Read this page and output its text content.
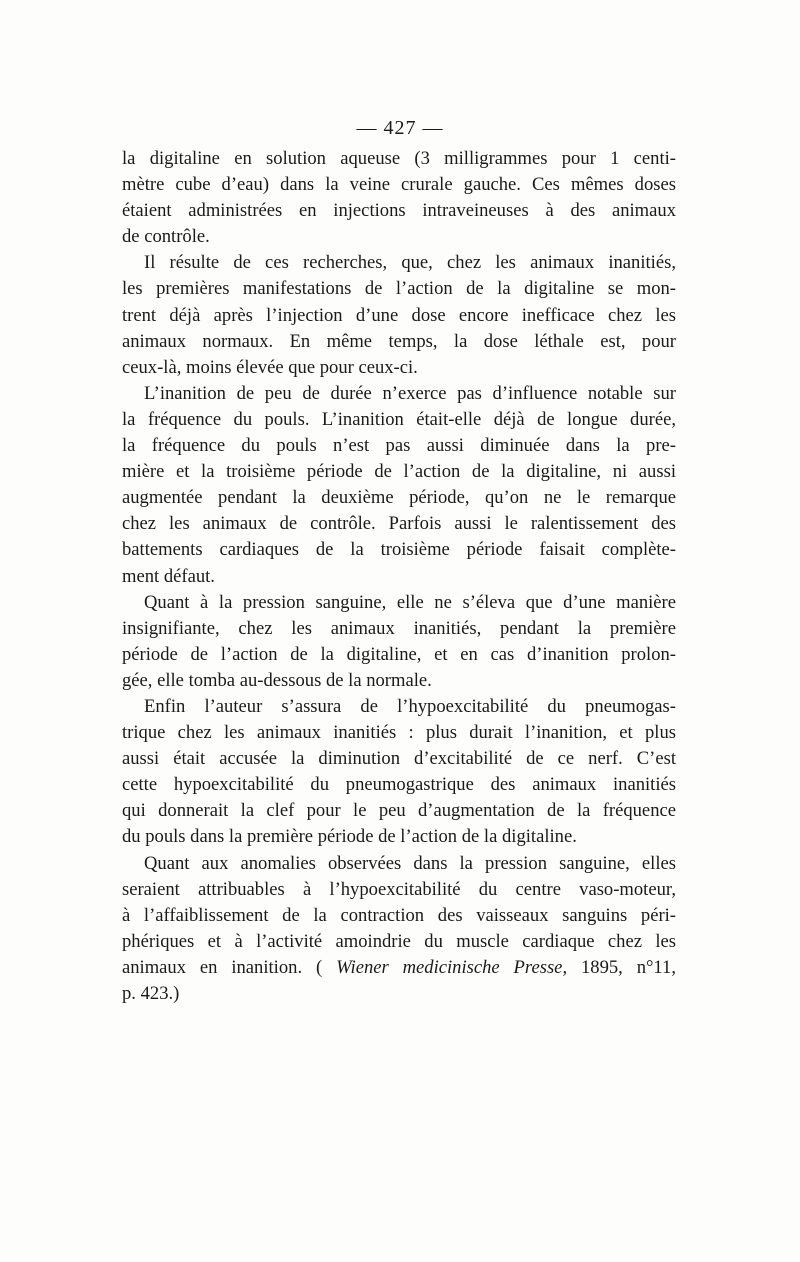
— 427 —

la digitaline en solution aqueuse (3 milligrammes pour 1 centi-
mètre cube d’eau) dans la veine crurale gauche. Ces mêmes doses
étaient administrées en injections intraveineuses à des animaux
de contrôle.

Il résulte de ces recherches, que, chez les animaux inanitiés,
les premières manifestations de l’action de la digitaline se mon-
trent déjà après l’injection d’une dose encore inefficace chez les
animaux normaux. En même temps, la dose léthale est, pour
ceux-là, moins élevée que pour ceux-ci.

L’inanition de peu de durée n’exerce pas d’influence notable sur
la fréquence du pouls. L’inanition était-elle déjà de longue durée,
la fréquence du pouls n’est pas aussi diminuée dans la pre-
mière et la troisième période de l’action de la digitaline, ni aussi
augmentée pendant la deuxième période, qu’on ne le remarque
chez les animaux de contrôle. Parfois aussi le ralentissement des
battements cardiaques de la troisième période faisait complète-
ment défaut.

Quant à la pression sanguine, elle ne s’éleva que d’une manière
insignifiante, chez les animaux inanitiés, pendant la première
période de l’action de la digitaline, et en cas d’inanition prolon-
gée, elle tomba au-dessous de la normale.

Enfin l’auteur s’assura de l’hypoexcitabilité du pneumogas-
trique chez les animaux inanitiés : plus durait l’inanition, et plus
aussi était accusée la diminution d’excitabilité de ce nerf. C’est
cette hypoexcitabilité du pneumogastrique des animaux inanitiés
qui donnerait la clef pour le peu d’augmentation de la fréquence
du pouls dans la première période de l’action de la digitaline.

Quant aux anomalies observées dans la pression sanguine, elles
seraient attribuables à l’hypoexcitabilité du centre vaso-moteur,
à l’affaiblissement de la contraction des vaisseaux sanguins péri-
phériques et à l’activité amoindrie du muscle cardiaque chez les
animaux en inanition. ( Wiener medicinische Presse, 1895, n°11,
p. 423.)
